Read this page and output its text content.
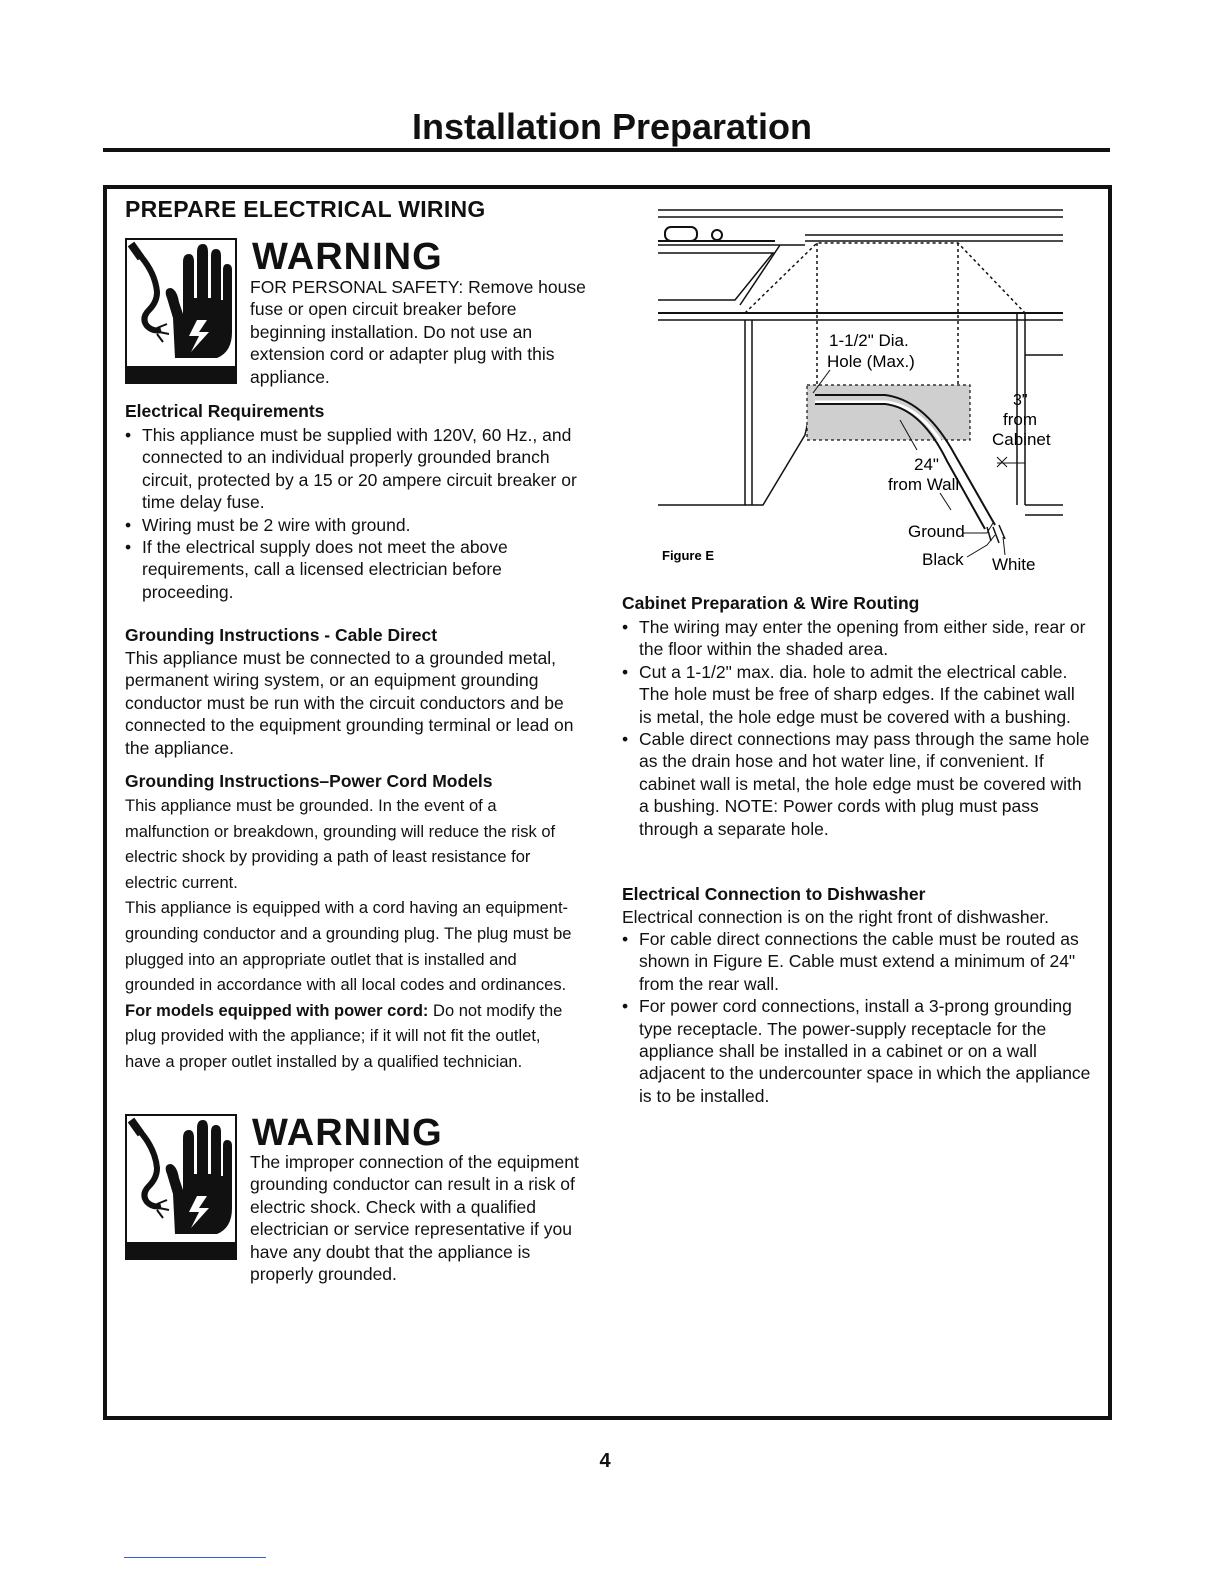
Installation Preparation
PREPARE ELECTRICAL WIRING
WARNING

FOR PERSONAL SAFETY: Remove house fuse or open circuit breaker before beginning installation. Do not use an extension cord or adapter plug with this appliance.

Electrical Requirements
• This appliance must be supplied with 120V, 60 Hz., and connected to an individual properly grounded branch circuit, protected by a 15 or 20 ampere circuit breaker or time delay fuse.
• Wiring must be 2 wire with ground.
• If the electrical supply does not meet the above requirements, call a licensed electrician before proceeding.
Grounding Instructions - Cable Direct

This appliance must be connected to a grounded metal, permanent wiring system, or an equipment grounding conductor must be run with the circuit conductors and be connected to the equipment grounding terminal or lead on the appliance.

Grounding Instructions–Power Cord Models

This appliance must be grounded. In the event of a malfunction or breakdown, grounding will reduce the risk of electric shock by providing a path of least resistance for electric current.

This appliance is equipped with a cord having an equipment-grounding conductor and a grounding plug. The plug must be plugged into an appropriate outlet that is installed and grounded in accordance with all local codes and ordinances.

For models equipped with power cord: Do not modify the plug provided with the appliance; if it will not fit the outlet, have a proper outlet installed by a qualified technician.

WARNING

The improper connection of the equipment grounding conductor can result in a risk of electric shock. Check with a qualified electrician or service representative if you have any doubt that the appliance is properly grounded.

1-1/2" Dia.
Hole (Max.)
3"
from
Cabinet
24"
from Wall
Ground
Black White
Figure E
Cabinet Preparation & Wire Routing
• The wiring may enter the opening from either side, rear or the floor within the shaded area.
• Cut a 1-1/2" max. dia. hole to admit the electrical cable. The hole must be free of sharp edges. If the cabinet wall is metal, the hole edge must be covered with a bushing.
• Cable direct connections may pass through the same hole as the drain hose and hot water line, if convenient. If cabinet wall is metal, the hole edge must be covered with a bushing. NOTE: Power cords with plug must pass through a separate hole.
Electrical Connection to Dishwasher

Electrical connection is on the right front of dishwasher.

• For cable direct connections the cable must be routed as shown in Figure E. Cable must extend a minimum of 24" from the rear wall.
• For power cord connections, install a 3-prong grounding type receptacle. The power-supply receptacle for the appliance shall be installed in a cabinet or on a wall adjacent to the undercounter space in which the appliance is to be installed.
4
